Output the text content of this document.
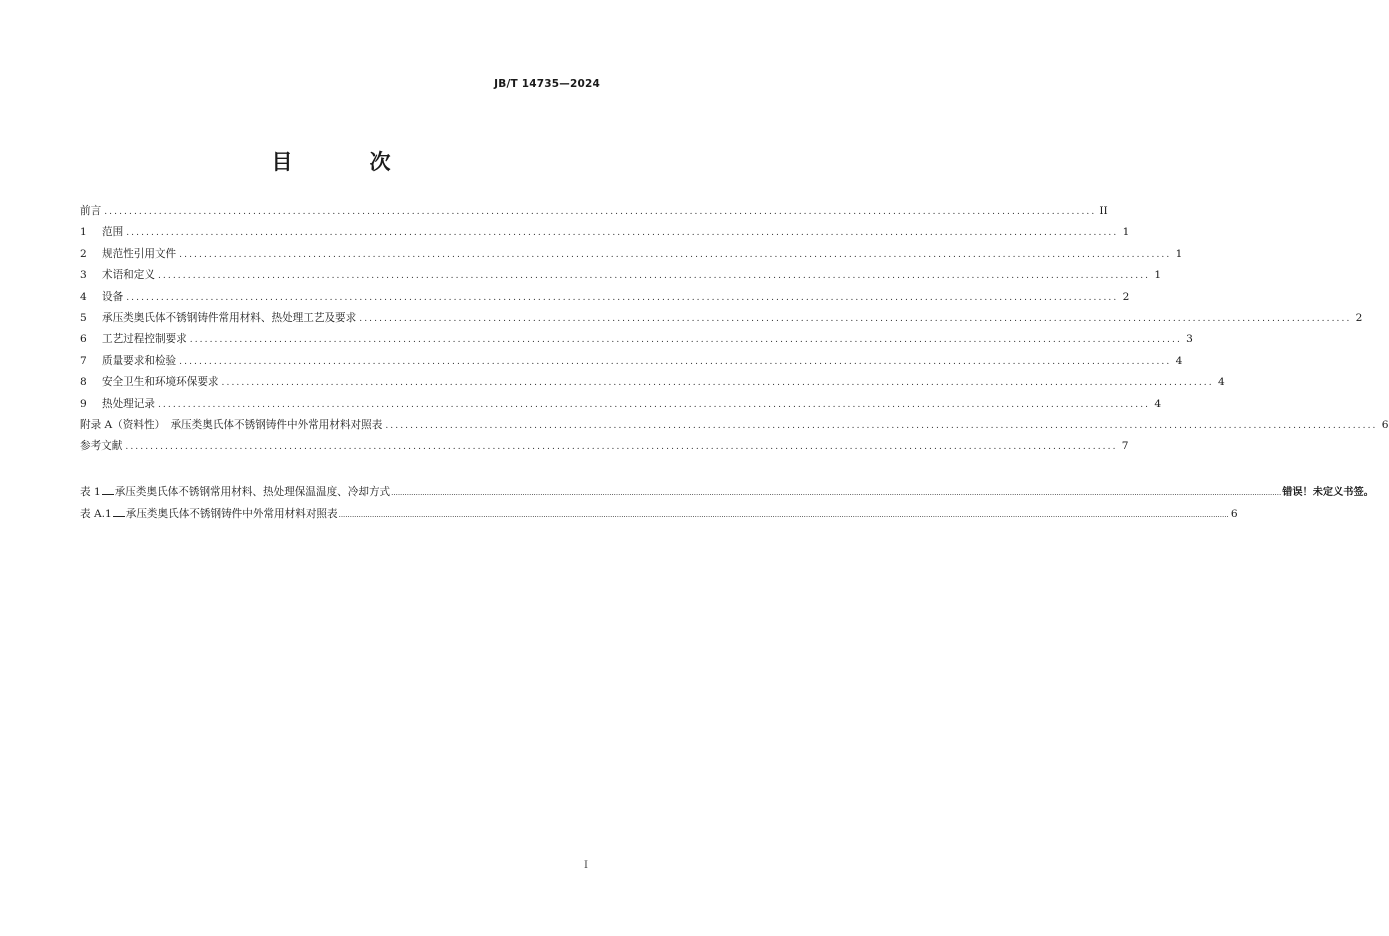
JB/T 14735—2024
目　次
前言 ........................................................................................................................................................................................................ II
1	范围 ........................................................................................................................................................................................................ 1
2	规范性引用文件 ........................................................................................................................................................................................................ 1
3	术语和定义 ........................................................................................................................................................................................................ 1
4	设备 ........................................................................................................................................................................................................ 2
5	承压类奥氏体不锈钢铸件常用材料、热处理工艺及要求 ........................................................................................................................................................................................................ 2
6	工艺过程控制要求 ........................................................................................................................................................................................................ 3
7	质量要求和检验 ........................................................................................................................................................................................................ 4
8	安全卫生和环境环保要求 ........................................................................................................................................................................................................ 4
9	热处理记录 ........................................................................................................................................................................................................ 4
附录 A（资料性）　承压类奥氏体不锈钢铸件中外常用材料对照表 ........................................................................................................................................................................................................ 6
参考文献 ........................................................................................................................................................................................................ 7
表 1 承压类奥氏体不锈钢常用材料、热处理保温温度、冷却方式 ................................................................................................................................................................................................................................................................................................................................................................................................................ 错误！未定义书签。
表 A.1 承压类奥氏体不锈钢铸件中外常用材料对照表 ................................................................................................................................................................................................................................................................................................................................................................................................................ 6
I
